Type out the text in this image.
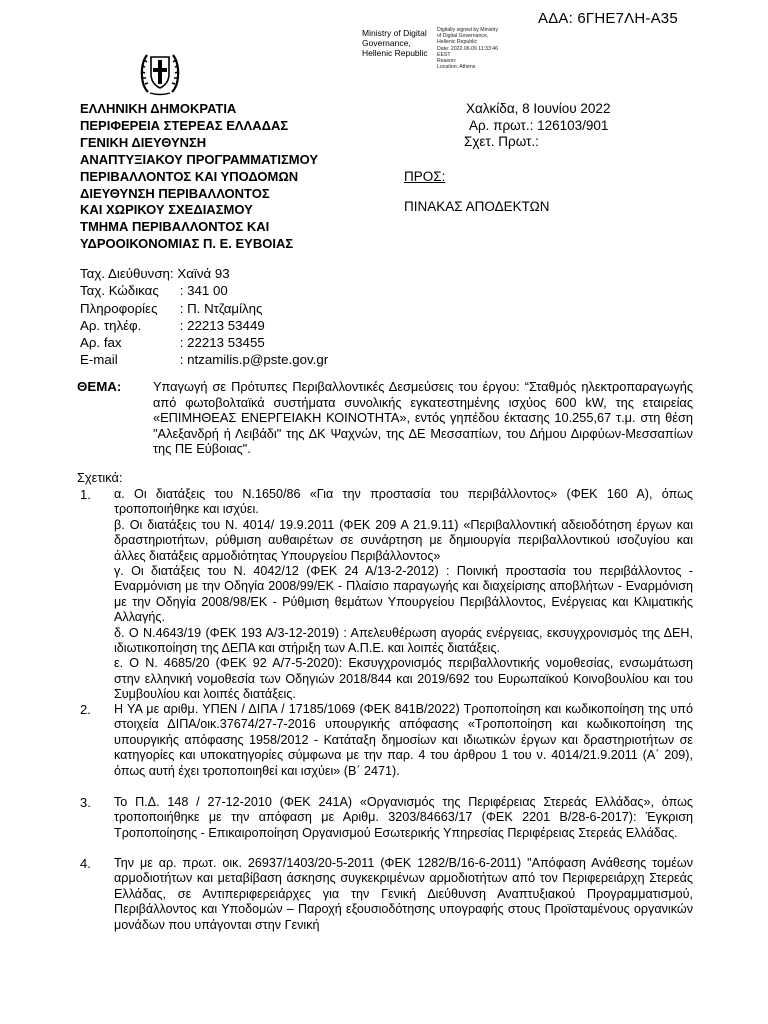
ΑΔΑ: 6ΓΗΕ7ΛΗ-Α35
Ministry of Digital Governance, Hellenic Republic
Digitally signed by Ministry
of Digital Governance,
Hellenic Republic
Date: 2022.06.09 11:33:46
EEST
Reason:
Location: Athens
ΕΛΛΗΝΙΚΗ ΔΗΜΟΚΡΑΤΙΑ
ΠΕΡΙΦΕΡΕΙΑ ΣΤΕΡΕΑΣ ΕΛΛΑΔΑΣ
ΓΕΝΙΚΗ ΔΙΕΥΘΥΝΣΗ
ΑΝΑΠΤΥΞΙΑΚΟΥ ΠΡΟΓΡΑΜΜΑΤΙΣΜΟΥ
ΠΕΡΙΒΑΛΛΟΝΤΟΣ ΚΑΙ ΥΠΟΔΟΜΩΝ
ΔΙΕΥΘΥΝΣΗ ΠΕΡΙΒΑΛΛΟΝΤΟΣ
ΚΑΙ ΧΩΡΙΚΟΥ ΣΧΕΔΙΑΣΜΟΥ
ΤΜΗΜΑ ΠΕΡΙΒΑΛΛΟΝΤΟΣ ΚΑΙ
ΥΔΡΟΟΙΚΟΝΟΜΙΑΣ Π. Ε. ΕΥΒΟΙΑΣ
Χαλκίδα, 8 Ιουνίου 2022
Αρ. πρωτ.: 126103/901
Σχετ. Πρωτ.:
ΠΡΟΣ:
ΠΙΝΑΚΑΣ ΑΠΟΔΕΚΤΩΝ
Ταχ. Διεύθυνση: Χαϊνά 93
Ταχ. Κώδικας	: 341 00
Πληροφορίες	: Π. Ντζαμίλης
Αρ. τηλέφ.	: 22213 53449
Αρ. fax	: 22213 53455
E-mail	: ntzamilis.p@pste.gov.gr
ΘΕΜΑ: Υπαγωγή σε Πρότυπες Περιβαλλοντικές Δεσμεύσεις του έργου: “Σταθμός ηλεκτροπαραγωγής από φωτοβολταϊκά συστήματα συνολικής εγκατεστημένης ισχύος 600 kW, της εταιρείας «ΕΠΙΜΗΘΕΑΣ ΕΝΕΡΓΕΙΑΚΗ ΚΟΙΝΟΤΗΤΑ», εντός γηπέδου έκτασης 10.255,67 τ.μ. στη θέση "Αλεξανδρή ή Λειβάδι" της ΔΚ Ψαχνών, της ΔΕ Μεσσαπίων, του Δήμου Διρφύων-Μεσσαπίων της ΠΕ Εύβοιας".
Σχετικά:
1. α. Οι διατάξεις του Ν.1650/86 «Για την προστασία του περιβάλλοντος» (ΦΕΚ 160 Α), όπως τροποποιήθηκε και ισχύει.

β. Οι διατάξεις του Ν. 4014/ 19.9.2011 (ΦΕΚ 209 Α 21.9.11) «Περιβαλλοντική αδειοδότηση έργων και δραστηριοτήτων, ρύθμιση αυθαιρέτων σε συνάρτηση με δημιουργία περιβαλλοντικού ισοζυγίου και άλλες διατάξεις αρμοδιότητας Υπουργείου Περιβάλλοντος»

γ. Οι διατάξεις του Ν. 4042/12 (ΦΕΚ 24 Α/13-2-2012) : Ποινική προστασία του περιβάλλοντος - Εναρμόνιση με την Οδηγία 2008/99/ΕΚ - Πλαίσιο παραγωγής και διαχείρισης αποβλήτων - Εναρμόνιση με την Οδηγία 2008/98/ΕΚ - Ρύθμιση θεμάτων Υπουργείου Περιβάλλοντος, Ενέργειας και Κλιματικής Αλλαγής.

δ. Ο Ν.4643/19 (ΦΕΚ 193 Α/3-12-2019) : Απελευθέρωση αγοράς ενέργειας, εκσυγχρονισμός της ΔΕΗ, ιδιωτικοποίηση της ΔΕΠΑ και στήριξη των Α.Π.Ε. και λοιπές διατάξεις.

ε. Ο Ν. 4685/20 (ΦΕΚ 92 Α/7-5-2020): Εκσυγχρονισμός περιβαλλοντικής νομοθεσίας, ενσωμάτωση στην ελληνική νομοθεσία των Οδηγιών 2018/844 και 2019/692 του Ευρωπαϊκού Κοινοβουλίου και του Συμβουλίου και λοιπές διατάξεις.

2. Η ΥΑ με αριθμ. ΥΠΕΝ / ΔΙΠΑ / 17185/1069 (ΦΕΚ 841Β/2022) Τροποποίηση και κωδικοποίηση της υπό στοιχεία ΔΙΠΑ/οικ.37674/27-7-2016 υπουργικής απόφασης «Τροποποίηση και κωδικοποίηση της υπουργικής απόφασης 1958/2012 - Κατάταξη δημοσίων και ιδιωτικών έργων και δραστηριοτήτων σε κατηγορίες και υποκατηγορίες σύμφωνα με την παρ. 4 του άρθρου 1 του ν. 4014/21.9.2011 (Α΄ 209), όπως αυτή έχει τροποποιηθεί και ισχύει» (Β΄ 2471).

3. Το Π.Δ. 148 / 27-12-2010 (ΦΕΚ 241Α) «Οργανισμός της Περιφέρειας Στερεάς Ελλάδας», όπως τροποποιήθηκε με την απόφαση με Αριθμ. 3203/84663/17 (ΦΕΚ 2201 Β/28-6-2017): Έγκριση Τροποποίησης - Επικαιροποίηση Οργανισμού Εσωτερικής Υπηρεσίας Περιφέρειας Στερεάς Ελλάδας.

4. Την με αρ. πρωτ. οικ. 26937/1403/20-5-2011 (ΦΕΚ 1282/Β/16-6-2011) "Απόφαση Ανάθεσης τομέων αρμοδιοτήτων και μεταβίβαση άσκησης συγκεκριμένων αρμοδιοτήτων από τον Περιφερειάρχη Στερεάς Ελλάδας, σε Αντιπεριφερειάρχες για την Γενική Διεύθυνση Αναπτυξιακού Προγραμματισμού, Περιβάλλοντος και Υποδομών – Παροχή εξουσιοδότησης υπογραφής στους Προϊσταμένους οργανικών μονάδων που υπάγονται στην Γενική
